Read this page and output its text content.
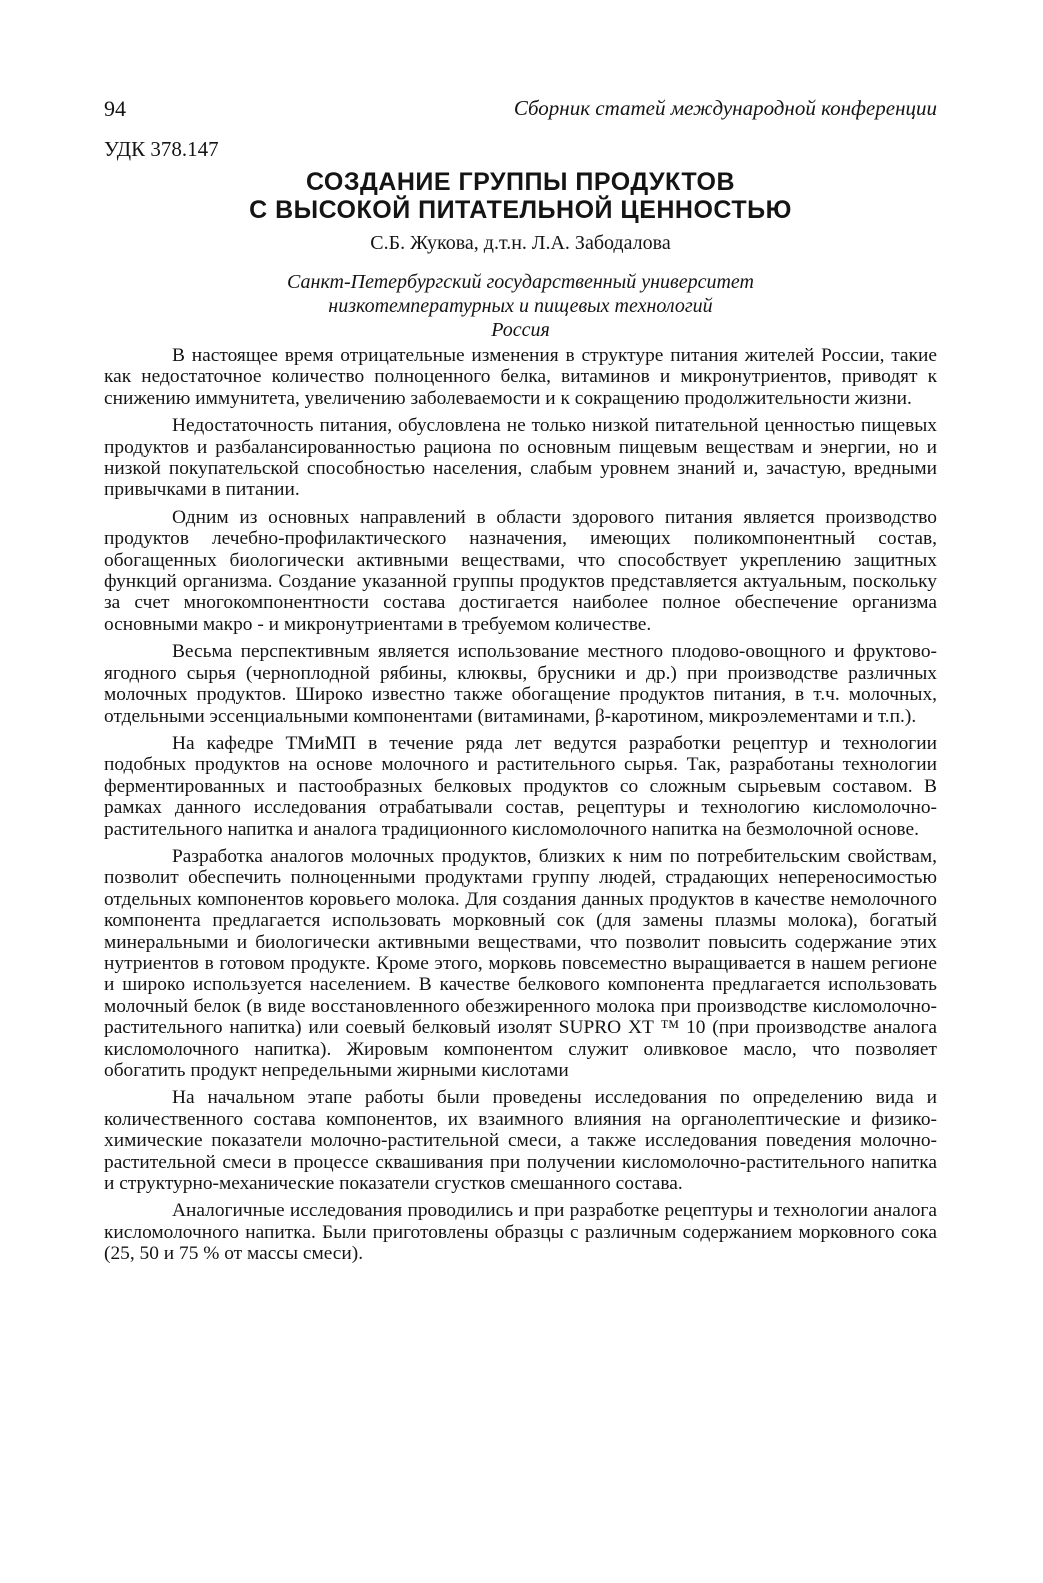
94	Сборник статей международной конференции
УДК 378.147
СОЗДАНИЕ ГРУППЫ ПРОДУКТОВ
С ВЫСОКОЙ ПИТАТЕЛЬНОЙ ЦЕННОСТЬЮ
С.Б. Жукова, д.т.н. Л.А. Забодалова
Санкт-Петербургский государственный университет
низкотемпературных и пищевых технологий
Россия

В настоящее время отрицательные изменения в структуре питания жителей России, такие как недостаточное количество полноценного белка, витаминов и микронутриентов, приводят к снижению иммунитета, увеличению заболеваемости и к сокращению продолжительности жизни.

Недостаточность питания, обусловлена не только низкой питательной ценностью пищевых продуктов и разбалансированностью рациона по основным пищевым веществам и энергии, но и низкой покупательской способностью населения, слабым уровнем знаний и, зачастую, вредными привычками в питании.

Одним из основных направлений в области здорового питания является производство продуктов лечебно-профилактического назначения, имеющих поликомпонентный состав, обогащенных биологически активными веществами, что способствует укреплению защитных функций организма. Создание указанной группы продуктов представляется актуальным, поскольку за счет многокомпонентности состава достигается наиболее полное обеспечение организма основными макро - и микронутриентами в требуемом количестве.

Весьма перспективным является использование местного плодово-овощного и фруктово-ягодного сырья (черноплодной рябины, клюквы, брусники и др.) при производстве различных молочных продуктов. Широко известно также обогащение продуктов питания, в т.ч. молочных, отдельными эссенциальными компонентами (витаминами, β-каротином, микроэлементами и т.п.).

На кафедре ТМиМП в течение ряда лет ведутся разработки рецептур и технологии подобных продуктов на основе молочного и растительного сырья. Так, разработаны технологии ферментированных и пастообразных белковых продуктов со сложным сырьевым составом. В рамках данного исследования отрабатывали состав, рецептуры и технологию кисломолочно-растительного напитка и аналога традиционного кисломолочного напитка на безмолочной основе.

Разработка аналогов молочных продуктов, близких к ним по потребительским свойствам, позволит обеспечить полноценными продуктами группу людей, страдающих непереносимостью отдельных компонентов коровьего молока. Для создания данных продуктов в качестве немолочного компонента предлагается использовать морковный сок (для замены плазмы молока), богатый минеральными и биологически активными веществами, что позволит повысить содержание этих нутриентов в готовом продукте. Кроме этого, морковь повсеместно выращивается в нашем регионе и широко используется населением. В качестве белкового компонента предлагается использовать молочный белок (в виде восстановленного обезжиренного молока при производстве кисломолочно-растительного напитка) или соевый белковый изолят SUPRO XT ™ 10 (при производстве аналога кисломолочного напитка). Жировым компонентом служит оливковое масло, что позволяет обогатить продукт непредельными жирными кислотами

На начальном этапе работы были проведены исследования по определению вида и количественного состава компонентов, их взаимного влияния на органолептические и физико-химические показатели молочно-растительной смеси, а также исследования поведения молочно-растительной смеси в процессе сквашивания при получении кисломолочно-растительного напитка и структурно-механические показатели сгустков смешанного состава.

Аналогичные исследования проводились и при разработке рецептуры и технологии аналога кисломолочного напитка. Были приготовлены образцы с различным содержанием морковного сока (25, 50 и 75 % от массы смеси).
